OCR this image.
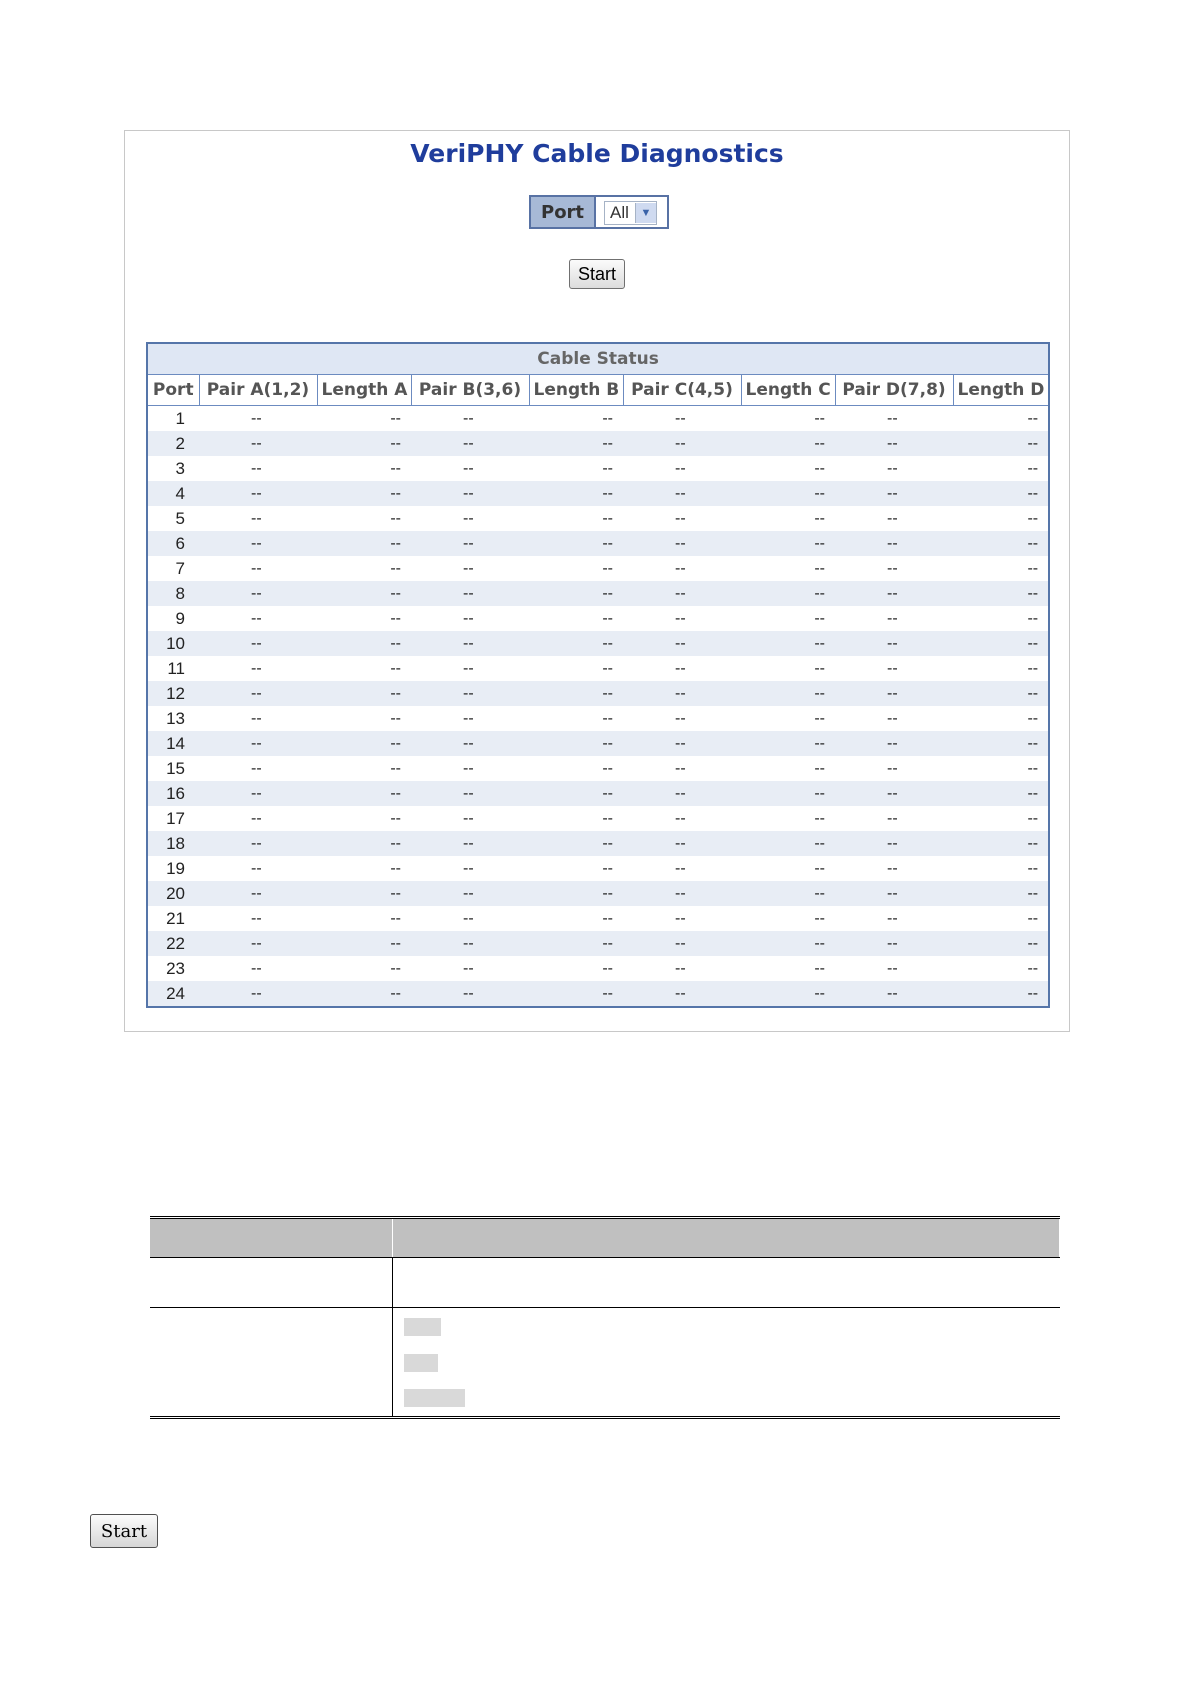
VeriPHY Cable Diagnostics
Port	All	▼
Start
Cable Status								
Port	Pair A(1,2)	Length A	Pair B(3,6)	Length B	Pair C(4,5)	Length C	Pair D(7,8)	Length D
1	--	--	--	--	--	--	--	--
2	--	--	--	--	--	--	--	--
3	--	--	--	--	--	--	--	--
4	--	--	--	--	--	--	--	--
5	--	--	--	--	--	--	--	--
6	--	--	--	--	--	--	--	--
7	--	--	--	--	--	--	--	--
8	--	--	--	--	--	--	--	--
9	--	--	--	--	--	--	--	--
10	--	--	--	--	--	--	--	--
11	--	--	--	--	--	--	--	--
12	--	--	--	--	--	--	--	--
13	--	--	--	--	--	--	--	--
14	--	--	--	--	--	--	--	--
15	--	--	--	--	--	--	--	--
16	--	--	--	--	--	--	--	--
17	--	--	--	--	--	--	--	--
18	--	--	--	--	--	--	--	--
19	--	--	--	--	--	--	--	--
20	--	--	--	--	--	--	--	--
21	--	--	--	--	--	--	--	--
22	--	--	--	--	--	--	--	--
23	--	--	--	--	--	--	--	--
24	--	--	--	--	--	--	--	--

Start
